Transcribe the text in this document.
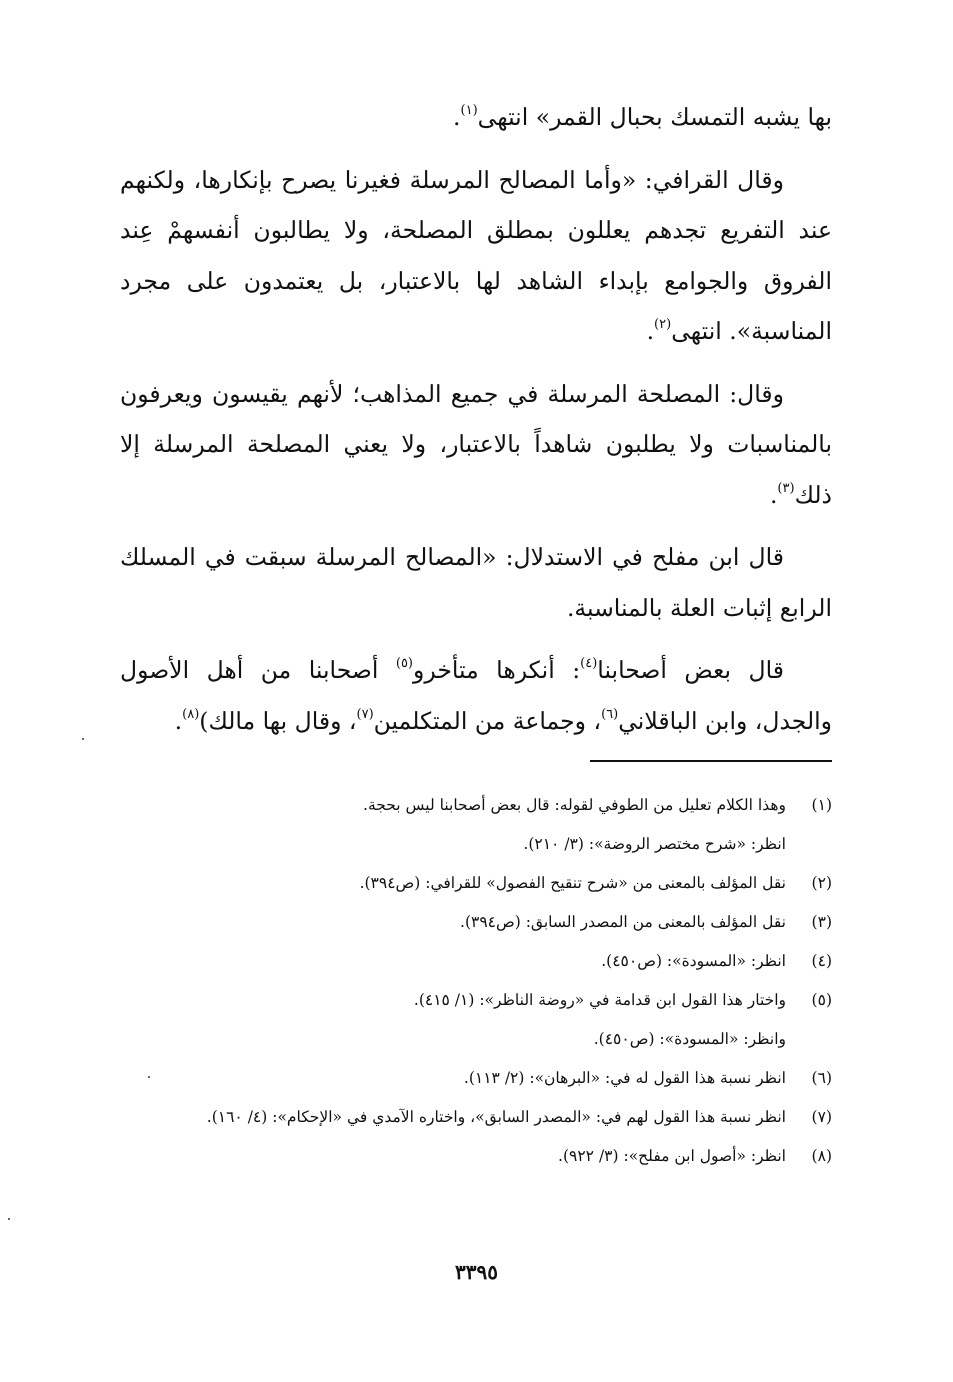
بها يشبه التمسك بحبال القمر» انتهى$^{(١)}$.

وقال القرافي: «وأما المصالح المرسلة فغيرنا يصرح بإنكارها، ولكنهم عند التفريع تجدهم يعللون بمطلق المصلحة، ولا يطالبون أنفسهمْ عِند الفروق والجوامع بإبداء الشاهد لها بالاعتبار، بل يعتمدون على مجرد المناسبة». انتهى$^{(٢)}$.

وقال: المصلحة المرسلة في جميع المذاهب؛ لأنهم يقيسون ويعرفون بالمناسبات ولا يطلبون شاهداً بالاعتبار، ولا يعني المصلحة المرسلة إلا ذلك$^{(٣)}$.

قال ابن مفلح في الاستدلال: «المصالح المرسلة سبقت في المسلك الرابع إثبات العلة بالمناسبة.

قال بعض أصحابنا$^{(٤)}$: أنكرها متأخرو$^{(٥)}$ أصحابنا من أهل الأصول والجدل، وابن الباقلاني$^{(٦)}$، وجماعة من المتكلمين$^{(٧)}$، وقال بها مالك)$^{(٨)}$.

(١)
وهذا الكلام تعليل من الطوفي لقوله: قال بعض أصحابنا ليس بحجة.
انظر: «شرح مختصر الروضة»: (٣/ ٢١٠).
(٢)
نقل المؤلف بالمعنى من «شرح تنقيح الفصول» للقرافي: (ص٣٩٤).
(٣)
نقل المؤلف بالمعنى من المصدر السابق: (ص٣٩٤).
(٤)
انظر: «المسودة»: (ص٤٥٠).
(٥)
واختار هذا القول ابن قدامة في «روضة الناظر»: (١/ ٤١٥).
وانظر: «المسودة»: (ص٤٥٠).
(٦)
انظر نسبة هذا القول له في: «البرهان»: (٢/ ١١٣).
(٧)
انظر نسبة هذا القول لهم في: «المصدر السابق»، واختاره الآمدي في «الإحكام»: (٤/ ١٦٠).
(٨)
انظر: «أصول ابن مفلح»: (٣/ ٩٢٢).
٣٣٩٥
